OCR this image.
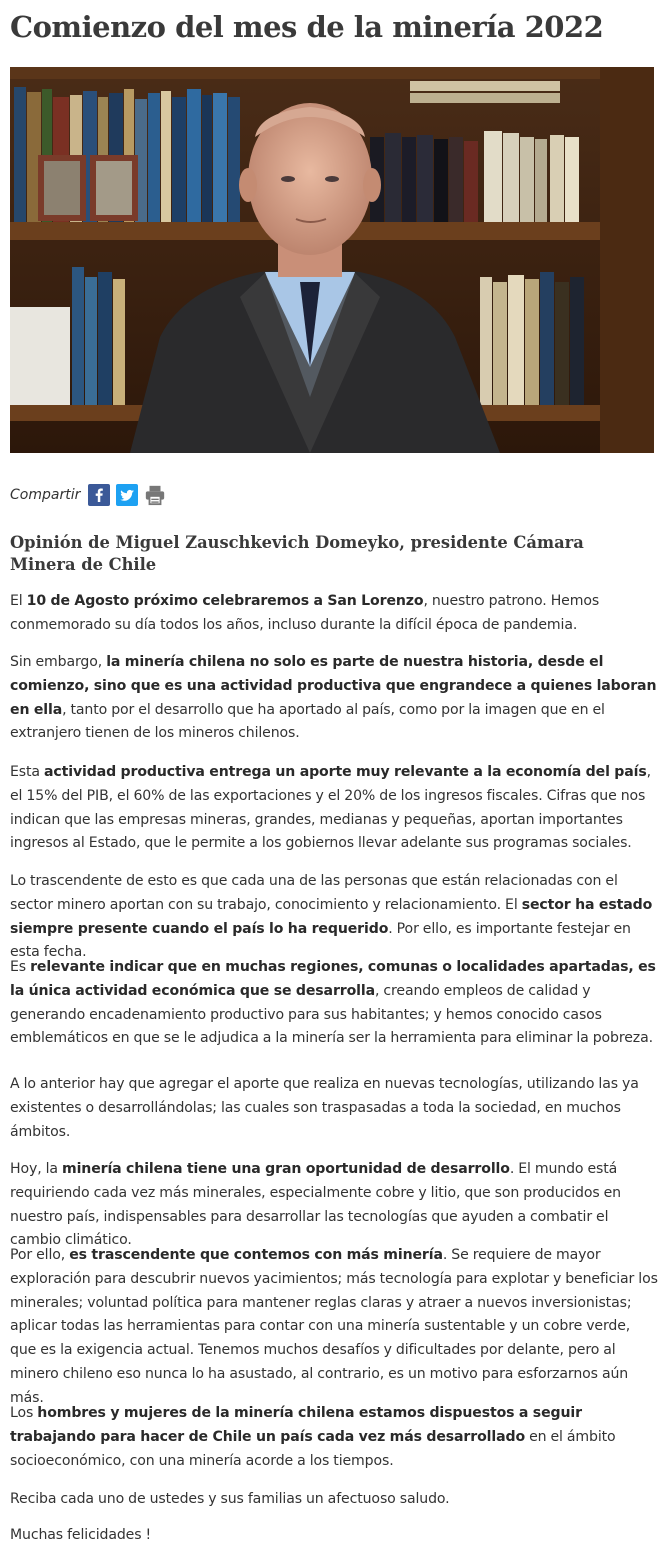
Comienzo del mes de la minería 2022
Compartir
Opinión de Miguel Zauschkevich Domeyko, presidente Cámara Minera de Chile

El 10 de Agosto próximo celebraremos a San Lorenzo, nuestro patrono. Hemos conmemorado su día todos los años, incluso durante la difícil época de pandemia.

Sin embargo, la minería chilena no solo es parte de nuestra historia, desde el comienzo, sino que es una actividad productiva que engrandece a quienes laboran en ella, tanto por el desarrollo que ha aportado al país, como por la imagen que en el extranjero tienen de los mineros chilenos.

Esta actividad productiva entrega un aporte muy relevante a la economía del país, el 15% del PIB, el 60% de las exportaciones y el 20% de los ingresos fiscales. Cifras que nos indican que las empresas mineras, grandes, medianas y pequeñas, aportan importantes ingresos al Estado, que le permite a los gobiernos llevar adelante sus programas sociales.

Lo trascendente de esto es que cada una de las personas que están relacionadas con el sector minero aportan con su trabajo, conocimiento y relacionamiento. El sector ha estado siempre presente cuando el país lo ha requerido. Por ello, es importante festejar en esta fecha.

Es relevante indicar que en muchas regiones, comunas o localidades apartadas, es la única actividad económica que se desarrolla, creando empleos de calidad y generando encadenamiento productivo para sus habitantes; y hemos conocido casos emblemáticos en que se le adjudica a la minería ser la herramienta para eliminar la pobreza.

A lo anterior hay que agregar el aporte que realiza en nuevas tecnologías, utilizando las ya existentes o desarrollándolas; las cuales son traspasadas a toda la sociedad, en muchos ámbitos.

Hoy, la minería chilena tiene una gran oportunidad de desarrollo. El mundo está requiriendo cada vez más minerales, especialmente cobre y litio, que son producidos en nuestro país, indispensables para desarrollar las tecnologías que ayuden a combatir el cambio climático.

Por ello, es trascendente que contemos con más minería. Se requiere de mayor exploración para descubrir nuevos yacimientos; más tecnología para explotar y beneficiar los minerales; voluntad política para mantener reglas claras y atraer a nuevos inversionistas; aplicar todas las herramientas para contar con una minería sustentable y un cobre verde, que es la exigencia actual. Tenemos muchos desafíos y dificultades por delante, pero al minero chileno eso nunca lo ha asustado, al contrario, es un motivo para esforzarnos aún más.

Los hombres y mujeres de la minería chilena estamos dispuestos a seguir trabajando para hacer de Chile un país cada vez más desarrollado en el ámbito socioeconómico, con una minería acorde a los tiempos.

Reciba cada uno de ustedes y sus familias un afectuoso saludo.

Muchas felicidades !
